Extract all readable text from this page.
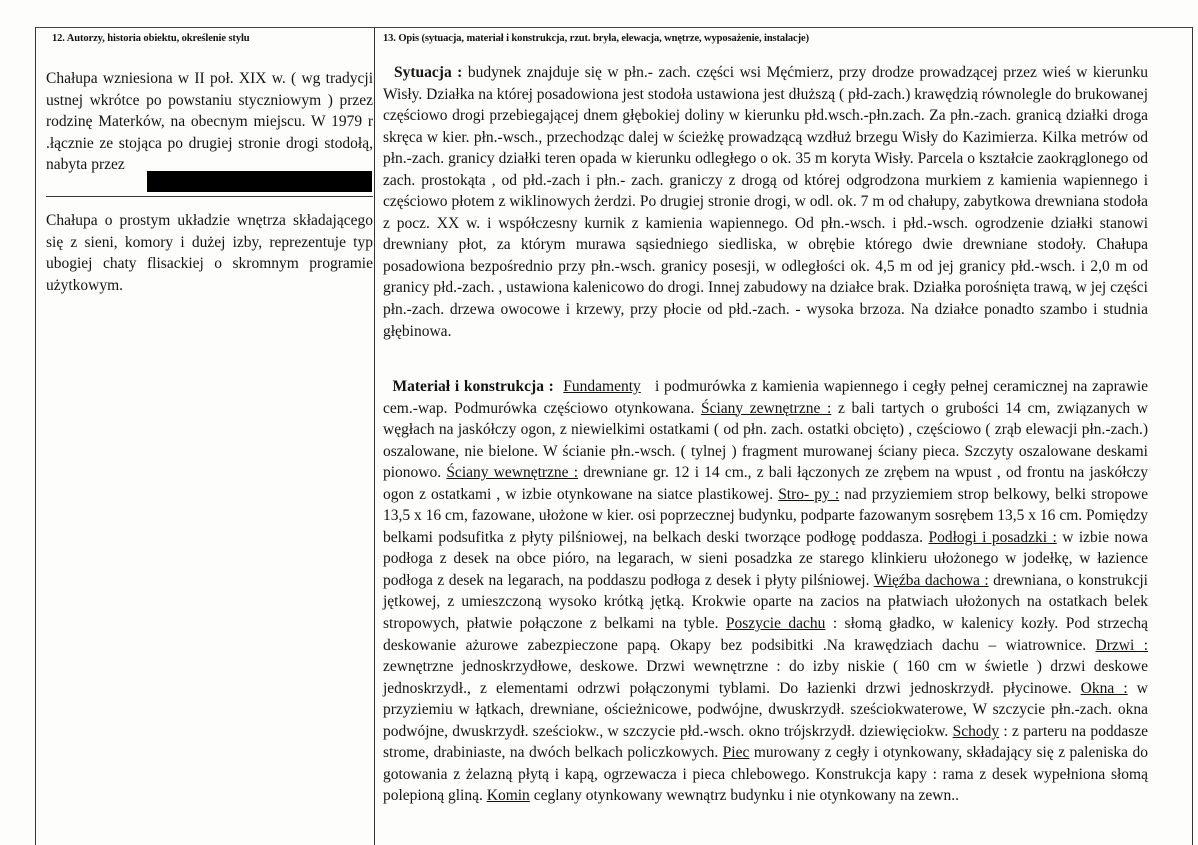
12. Autorzy, historia obiektu, określenie stylu

Chałupa wzniesiona w II poł. XIX w. ( wg tradycji ustnej wkrótce po powstaniu styczniowym ) przez rodzinę Materków, na obecnym miejscu. W 1979 r .łącznie ze stojąca po drugiej stronie drogi stodołą, nabyta przez

Chałupa o prostym układzie wnętrza składającego się z sieni, komory i dużej izby, reprezentuje typ ubogiej chaty flisackiej o skromnym programie użytkowym.

13. Opis (sytuacja, materiał i konstrukcja, rzut. bryła, elewacja, wnętrze, wyposażenie, instalacje)

Sytuacja : budynek znajduje się w płn.- zach. części wsi Męćmierz, przy drodze prowadzącej przez wieś w kierunku Wisły. Działka na której posadowiona jest stodoła ustawiona jest dłuższą ( płd-zach.) krawędzią równolegle do brukowanej częściowo drogi przebiegającej dnem głębokiej doliny w kierunku płd.wsch.-płn.zach. Za płn.-zach. granicą działki droga skręca w kier. płn.-wsch., przechodząc dalej w ścieżkę prowadzącą wzdłuż brzegu Wisły do Kazimierza. Kilka metrów od płn.-zach. granicy działki teren opada w kierunku odległego o ok. 35 m koryta Wisły. Parcela o kształcie zaokrąglonego od zach. prostokąta , od płd.-zach i płn.- zach. graniczy z drogą od której odgrodzona murkiem z kamienia wapiennego i częściowo płotem z wiklinowych żerdzi. Po drugiej stronie drogi, w odl. ok. 7 m od chałupy, zabytkowa drewniana stodoła z pocz. XX w. i współczesny kurnik z kamienia wapiennego. Od płn.-wsch. i płd.-wsch. ogrodzenie działki stanowi drewniany płot, za którym murawa sąsiedniego siedliska, w obrębie którego dwie drewniane stodoły. Chałupa posadowiona bezpośrednio przy płn.-wsch. granicy posesji, w odległości ok. 4,5 m od jej granicy płd.-wsch. i 2,0 m od granicy płd.-zach. , ustawiona kalenicowo do drogi. Innej zabudowy na działce brak. Działka porośnięta trawą, w jej części płn.-zach. drzewa owocowe i krzewy, przy płocie od płd.-zach. - wysoka brzoza. Na działce ponadto szambo i studnia głębinowa.

Materiał i konstrukcja : Fundamenty   i podmurówka z kamienia wapiennego i cegły pełnej ceramicznej na zaprawie cem.-wap. Podmurówka częściowo otynkowana. Ściany zewnętrzne : z bali tartych o grubości 14 cm, związanych w węgłach na jaskółczy ogon, z niewielkimi ostatkami ( od płn. zach. ostatki obcięto) , częściowo ( zrąb elewacji płn.-zach.) oszalowane, nie bielone. W ścianie płn.-wsch. ( tylnej ) fragment murowanej ściany pieca. Szczyty oszalowane deskami pionowo. Ściany wewnętrzne : drewniane gr. 12 i 14 cm., z bali łączonych ze zrębem na wpust , od frontu na jaskółczy ogon z ostatkami , w izbie otynkowane na siatce plastikowej. Stro- py : nad przyziemiem strop belkowy, belki stropowe 13,5 x 16 cm, fazowane, ułożone w kier. osi poprzecznej budynku, podparte fazowanym sosrębem 13,5 x 16 cm. Pomiędzy belkami podsufitka z płyty pilśniowej, na belkach deski tworzące podłogę poddasza. Podłogi i posadzki : w izbie nowa podłoga z desek na obce pióro, na legarach, w sieni posadzka ze starego klinkieru ułożonego w jodełkę, w łazience podłoga z desek na legarach, na poddaszu podłoga z desek i płyty pilśniowej. Więźba dachowa : drewniana, o konstrukcji jętkowej, z umieszczoną wysoko krótką jętką. Krokwie oparte na zacios na płatwiach ułożonych na ostatkach belek stropowych, płatwie połączone z belkami na tyble. Poszycie dachu : słomą gładko, w kalenicy kozły. Pod strzechą deskowanie ażurowe zabezpieczone papą. Okapy bez podsibitki .Na krawędziach dachu – wiatrownice. Drzwi : zewnętrzne jednoskrzydłowe, deskowe. Drzwi wewnętrzne : do izby niskie ( 160 cm w świetle ) drzwi deskowe jednoskrzydł., z elementami odrzwi połączonymi tyblami. Do łazienki drzwi jednoskrzydł. płycinowe. Okna : w przyziemiu w łątkach, drewniane, ościeżnicowe, podwójne, dwuskrzydł. sześciokwaterowe, W szczycie płn.-zach. okna podwójne, dwuskrzydł. sześciokw., w szczycie płd.-wsch. okno trójskrzydł. dziewięciokw. Schody : z parteru na poddasze strome, drabiniaste, na dwóch belkach policzkowych. Piec murowany z cegły i otynkowany, składający się z paleniska do gotowania z żelazną płytą i kapą, ogrzewacza i pieca chlebowego. Konstrukcja kapy : rama z desek wypełniona słomą polepioną gliną. Komin ceglany otynkowany wewnątrz budynku i nie otynkowany na zewn..
